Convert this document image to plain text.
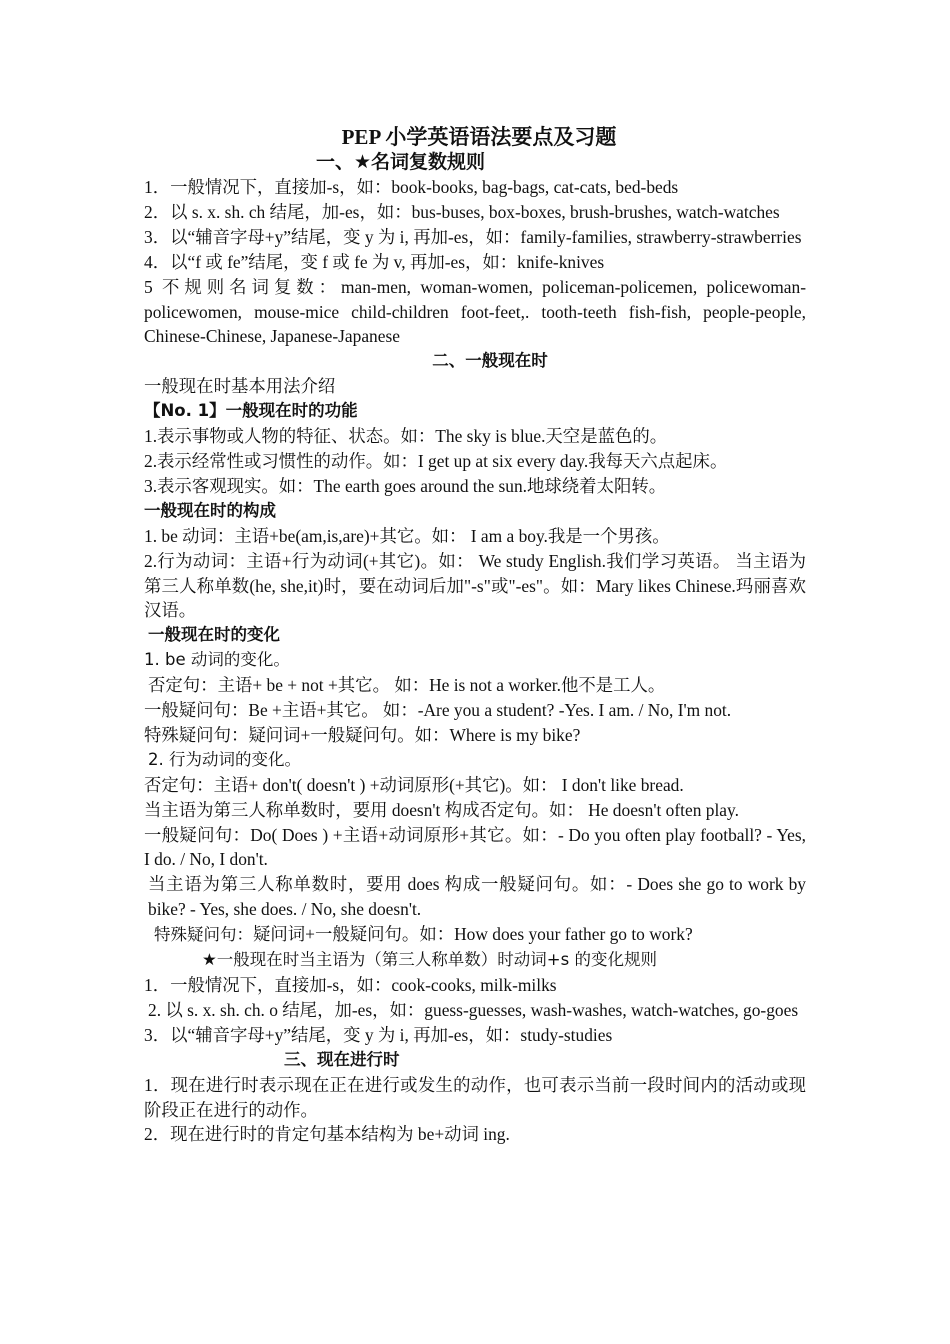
PEP 小学英语语法要点及习题
一、★名词复数规则

1．一般情况下，直接加-s，如：book-books, bag-bags, cat-cats, bed-beds

2．以 s. x. sh. ch 结尾，加-es，如：bus-buses, box-boxes, brush-brushes, watch-watches

3．以“辅音字母+y”结尾，变 y 为 i, 再加-es，如：family-families, strawberry-strawberries

4．以“f 或 fe”结尾，变 f 或 fe 为 v, 再加-es，如：knife-knives

5 不规则名词复数：man-men, woman-women, policeman-policemen, policewoman-policewomen, mouse-mice child-children foot-feet,. tooth-teeth fish-fish, people-people, Chinese-Chinese, Japanese-Japanese

二、一般现在时

一般现在时基本用法介绍

【No. 1】一般现在时的功能

1.表示事物或人物的特征、状态。如：The sky is blue.天空是蓝色的。

2.表示经常性或习惯性的动作。如：I get up at six every day.我每天六点起床。

3.表示客观现实。如：The earth goes around the sun.地球绕着太阳转。

一般现在时的构成

1. be 动词：主语+be(am,is,are)+其它。如： I am a boy.我是一个男孩。

2.行为动词：主语+行为动词(+其它)。如： We study English.我们学习英语。 当主语为第三人称单数(he, she,it)时，要在动词后加"-s"或"-es"。如：Mary likes Chinese.玛丽喜欢汉语。

一般现在时的变化

1. be 动词的变化。

否定句：主语+ be + not +其它。 如：He is not a worker.他不是工人。

一般疑问句：Be +主语+其它。 如：-Are you a student? -Yes. I am. / No, I'm not.

特殊疑问句：疑问词+一般疑问句。如：Where is my bike?

2. 行为动词的变化。

否定句：主语+ don't( doesn't ) +动词原形(+其它)。如： I don't like bread.

当主语为第三人称单数时，要用 doesn't 构成否定句。如： He doesn't often play.

一般疑问句：Do( Does ) +主语+动词原形+其它。如：- Do you often play football? - Yes, I do. / No, I don't.

当主语为第三人称单数时，要用 does 构成一般疑问句。如：- Does she go to work by bike? - Yes, she does. / No, she doesn't.

特殊疑问句：疑问词+一般疑问句。如：How does your father go to work?

★一般现在时当主语为（第三人称单数）时动词+s 的变化规则

1．一般情况下，直接加-s，如：cook-cooks, milk-milks

2. 以 s. x. sh. ch. o 结尾，加-es，如：guess-guesses, wash-washes, watch-watches, go-goes

3．以“辅音字母+y”结尾，变 y 为 i, 再加-es，如：study-studies

三、现在进行时

1．现在进行时表示现在正在进行或发生的动作，也可表示当前一段时间内的活动或现阶段正在进行的动作。

2．现在进行时的肯定句基本结构为 be+动词 ing.
